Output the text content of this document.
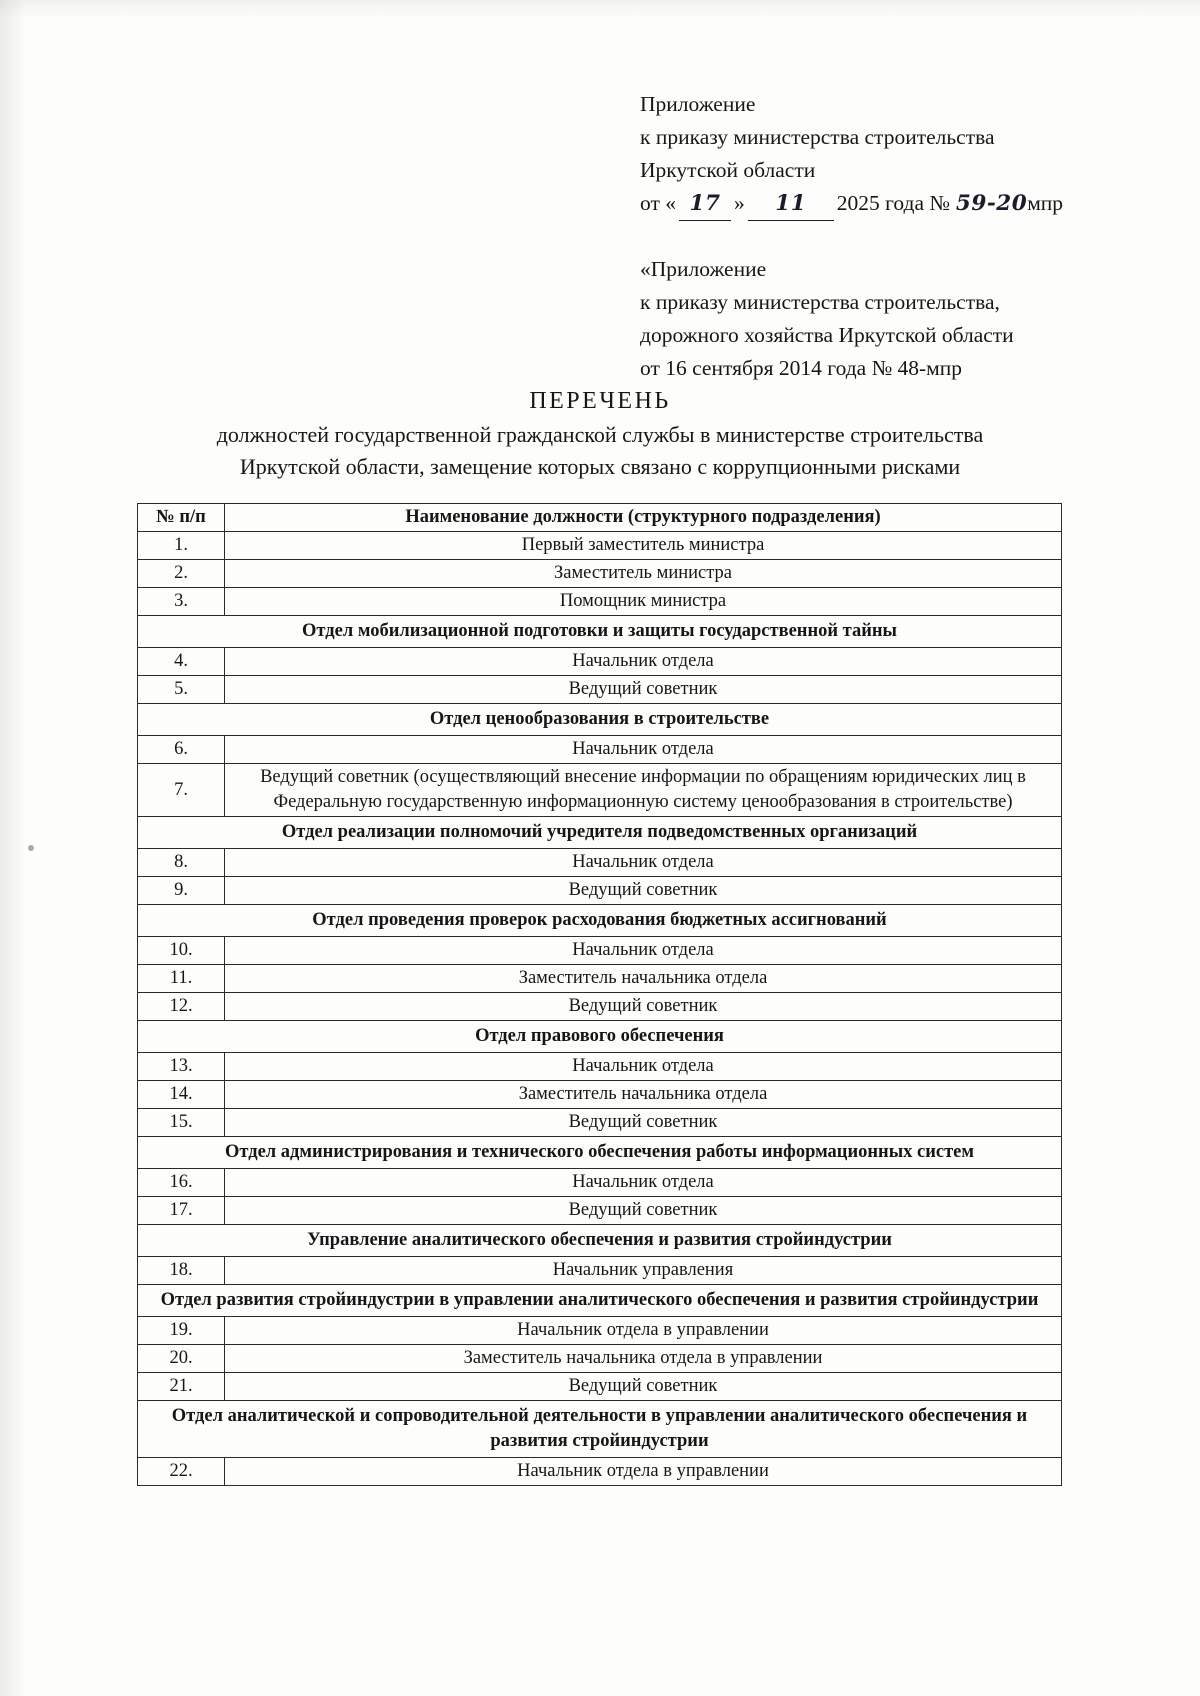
Приложение
к приказу министерства строительства
Иркутской области
от « 17 »	11	2025 года № 59-20 мпр
«Приложение
к приказу министерства строительства,
дорожного хозяйства Иркутской области
от 16 сентября 2014 года № 48-мпр
ПЕРЕЧЕНЬ
должностей государственной гражданской службы в министерстве строительства
Иркутской области, замещение которых связано с коррупционными рисками
№ п/п	Наименование должности (структурного подразделения)
1.	Первый заместитель министра
2.	Заместитель министра
3.	Помощник министра
Отдел мобилизационной подготовки и защиты государственной тайны	
4.	Начальник отдела
5.	Ведущий советник
Отдел ценообразования в строительстве	
6.	Начальник отдела
7.	Ведущий советник (осуществляющий внесение информации по обращениям юридических лиц в Федеральную государственную информационную систему ценообразования в строительстве)
Отдел реализации полномочий учредителя подведомственных организаций	
8.	Начальник отдела
9.	Ведущий советник
Отдел проведения проверок расходования бюджетных ассигнований	
10.	Начальник отдела
11.	Заместитель начальника отдела
12.	Ведущий советник
Отдел правового обеспечения	
13.	Начальник отдела
14.	Заместитель начальника отдела
15.	Ведущий советник
Отдел администрирования и технического обеспечения работы информационных систем	
16.	Начальник отдела
17.	Ведущий советник
Управление аналитического обеспечения и развития стройиндустрии	
18.	Начальник управления
Отдел развития стройиндустрии в управлении аналитического обеспечения и развития стройиндустрии	
19.	Начальник отдела в управлении
20.	Заместитель начальника отдела в управлении
21.	Ведущий советник
Отдел аналитической и сопроводительной деятельности в управлении аналитического обеспечения и развития стройиндустрии	
22.	Начальник отдела в управлении
